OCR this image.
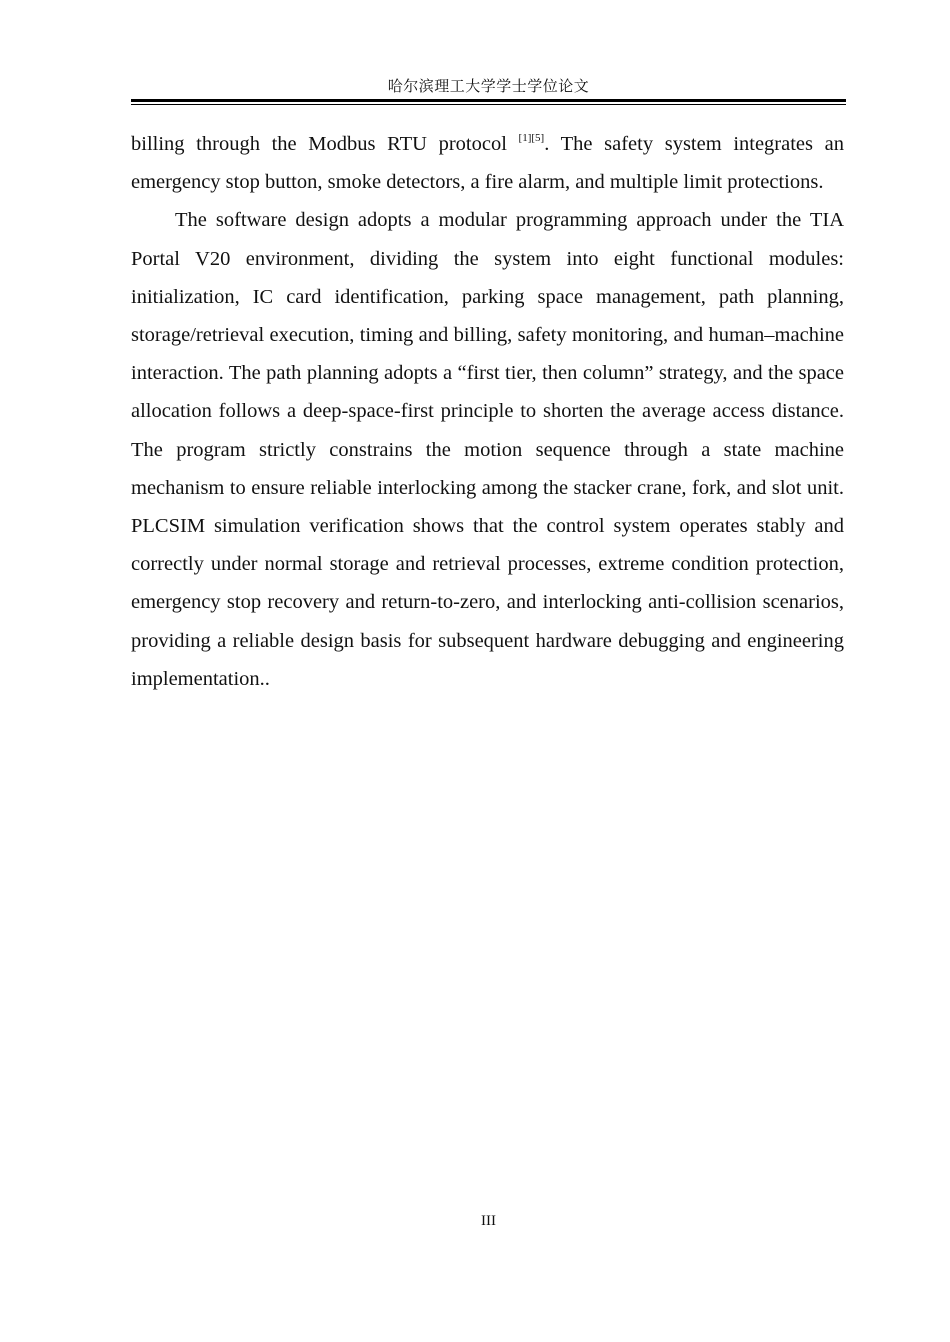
哈尔滨理工大学学士学位论文

billing through the Modbus RTU protocol [1][5]. The safety system integrates an emergency stop button, smoke detectors, a fire alarm, and multiple limit protections.

The software design adopts a modular programming approach under the TIA Portal V20 environment, dividing the system into eight functional modules: initialization, IC card identification, parking space management, path planning, storage/retrieval execution, timing and billing, safety monitoring, and human–machine interaction. The path planning adopts a “first tier, then column” strategy, and the space allocation follows a deep-space-first principle to shorten the average access distance. The program strictly constrains the motion sequence through a state machine mechanism to ensure reliable interlocking among the stacker crane, fork, and slot unit. PLCSIM simulation verification shows that the control system operates stably and correctly under normal storage and retrieval processes, extreme condition protection, emergency stop recovery and return-to-zero, and interlocking anti-collision scenarios, providing a reliable design basis for subsequent hardware debugging and engineering implementation..

III
